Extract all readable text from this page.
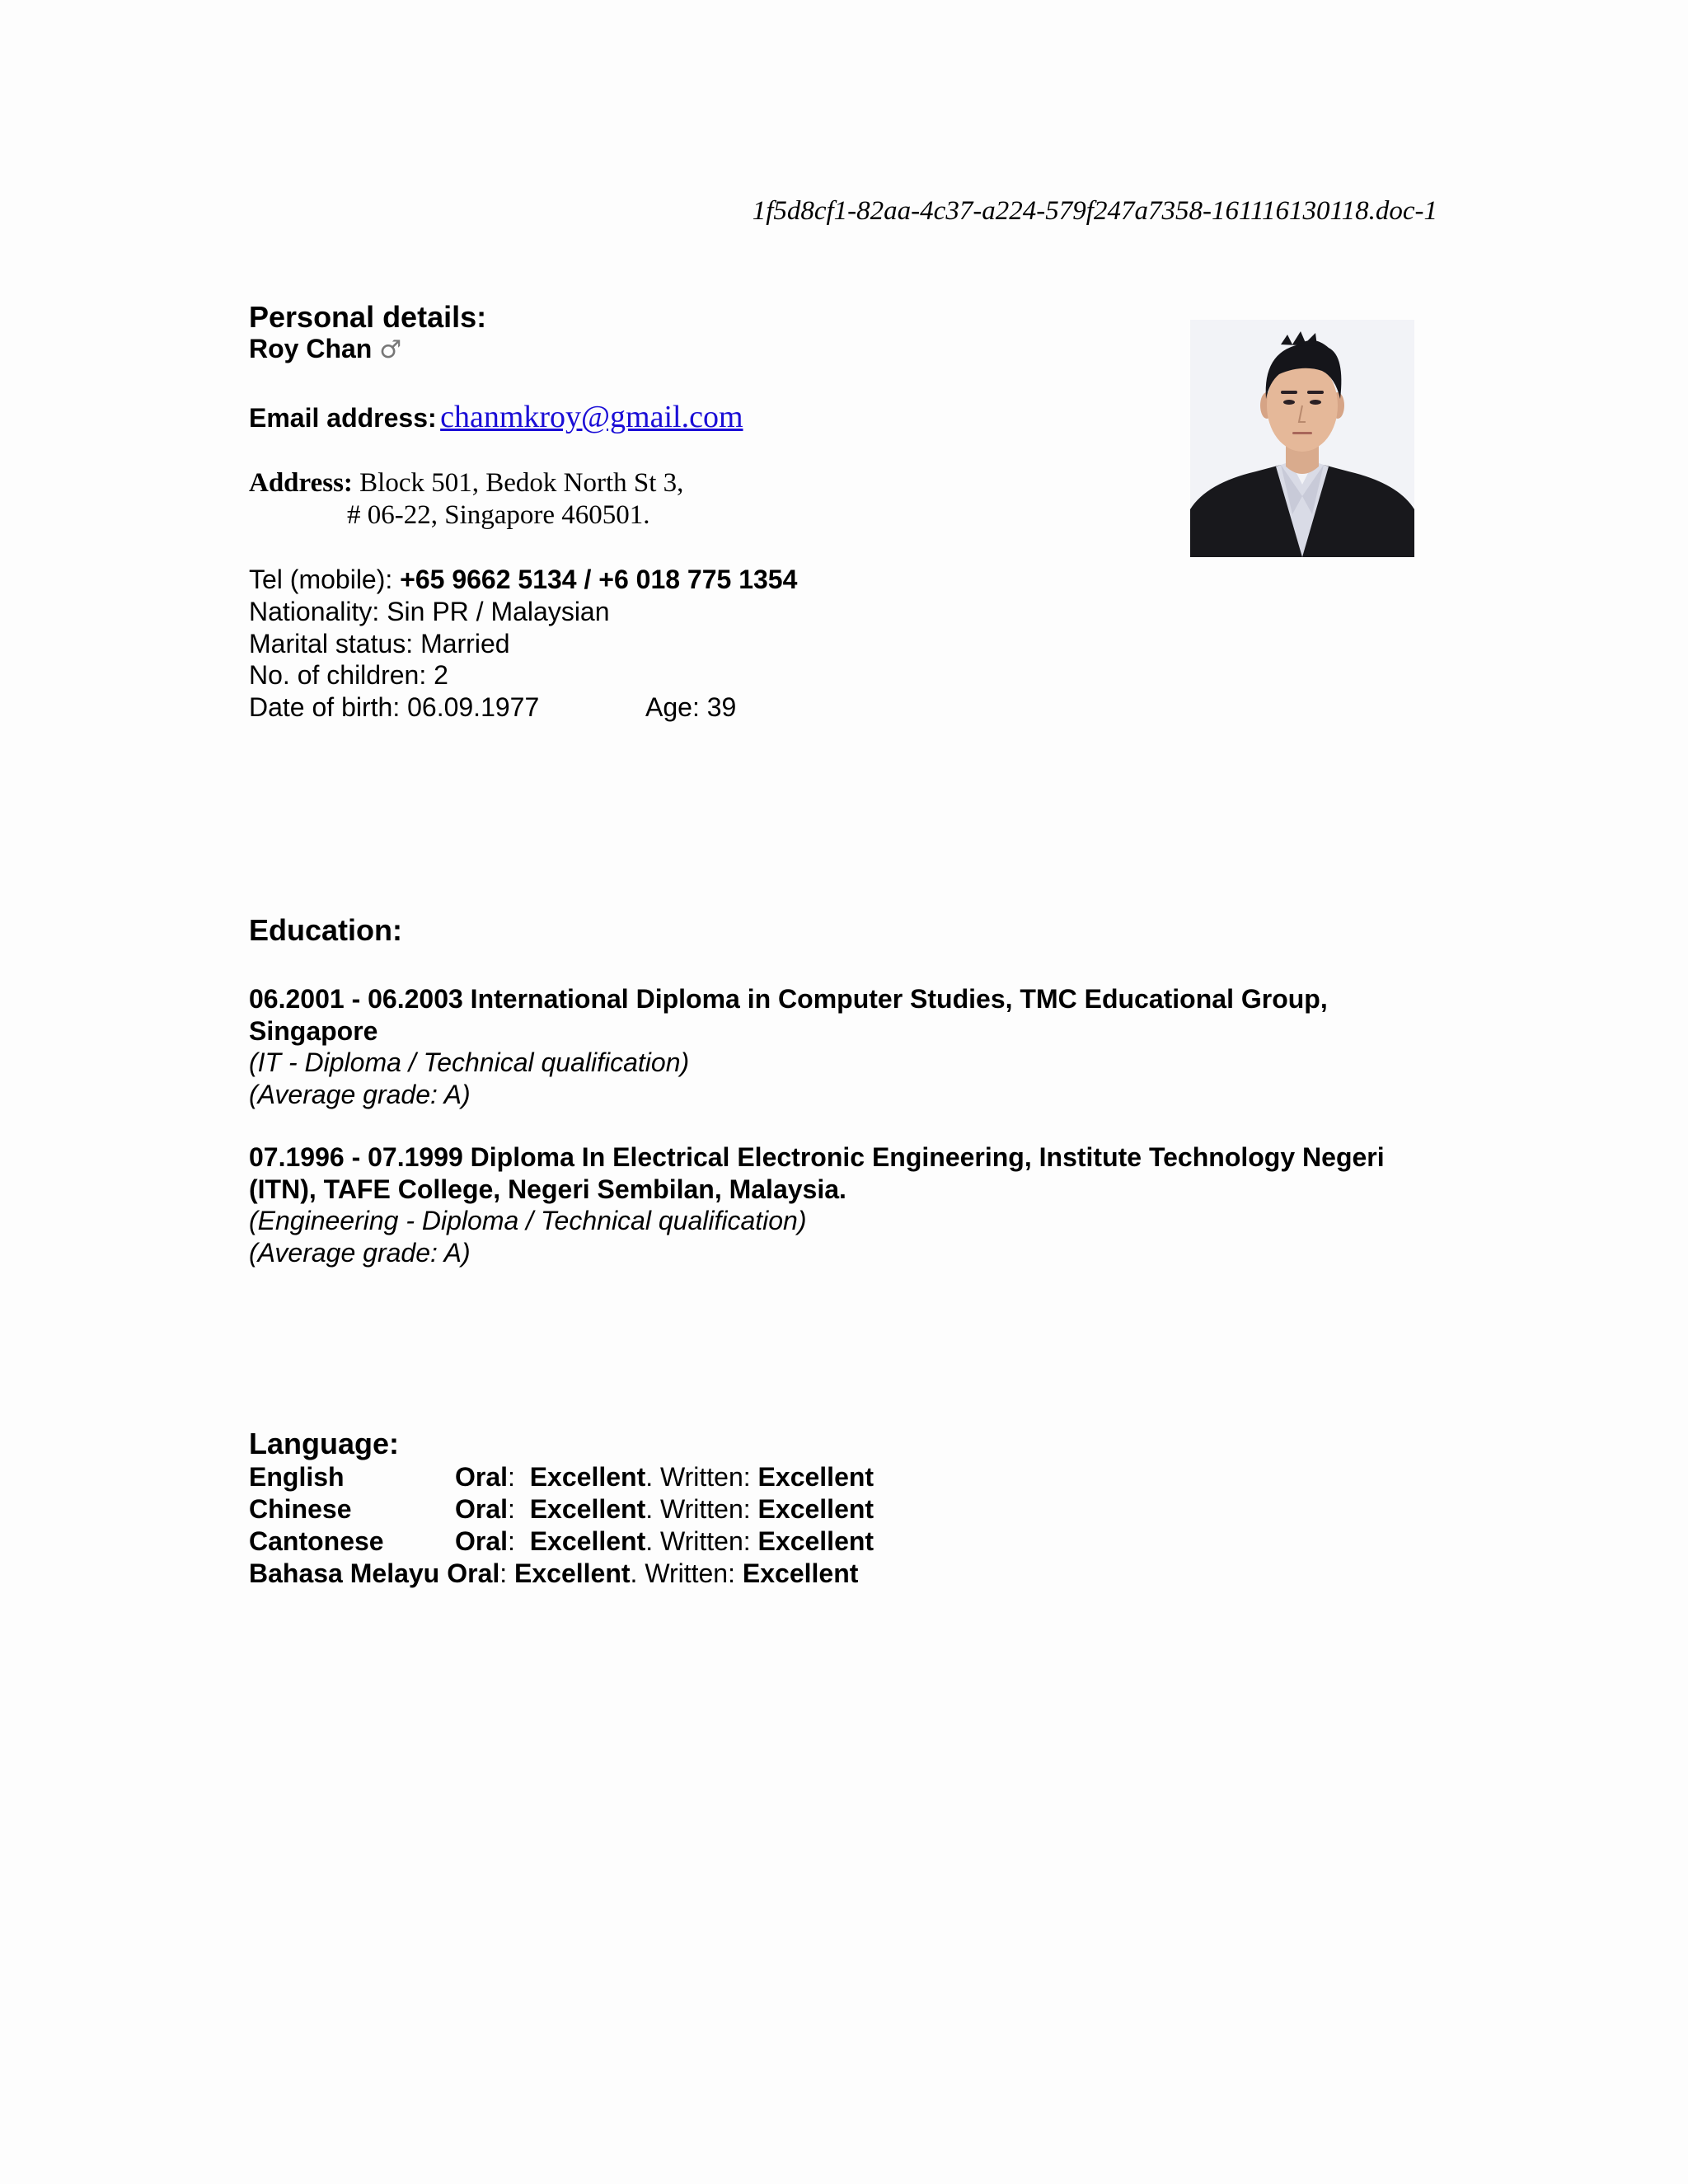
1f5d8cf1-82aa-4c37-a224-579f247a7358-161116130118.doc-1
Personal details:
Roy Chan ♂
Email address: chanmkroy@gmail.com
Address: Block 501, Bedok North St 3,
# 06-22, Singapore 460501.
Tel (mobile): +65 9662 5134 / +6 018 775 1354
Nationality: Sin PR / Malaysian
Marital status: Married
No. of children: 2
Date of birth: 06.09.1977	Age: 39
Education:
06.2001 - 06.2003 International Diploma in Computer Studies, TMC Educational Group, Singapore
(IT - Diploma / Technical qualification)
(Average grade: A)
07.1996 - 07.1999 Diploma In Electrical Electronic Engineering, Institute Technology Negeri (ITN), TAFE College, Negeri Sembilan, Malaysia.
(Engineering - Diploma / Technical qualification)
(Average grade: A)
Language:
English	Oral:  Excellent. Written: Excellent
Chinese	Oral:  Excellent. Written: Excellent
Cantonese	Oral:  Excellent. Written: Excellent
Bahasa Melayu Oral: Excellent. Written: Excellent
